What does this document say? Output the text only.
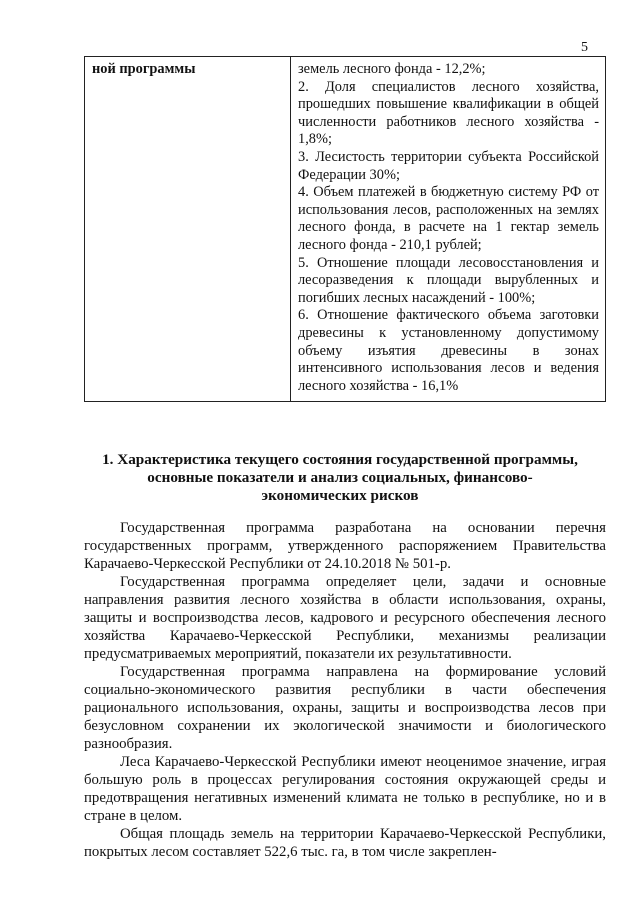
5
ной программы	земель лесного фонда - 12,2%;
2. Доля специалистов лесного хозяйства, прошедших повышение квалификации в общей численности работников лесного хозяйства - 1,8%;
3. Лесистость территории субъекта Российской Федерации 30%;
4. Объем платежей в бюджетную систему РФ от использования лесов, расположенных на землях лесного фонда, в расчете на 1 гектар земель лесного фонда - 210,1 рублей;
5. Отношение площади лесовосстановления и лесоразведения к площади вырубленных и погибших лесных насаждений - 100%;
6. Отношение фактического объема заготовки древесины к установленному допустимому объему изъятия древесины в зонах интенсивного использования лесов и ведения лесного хозяйства - 16,1%
1. Характеристика текущего состояния государственной программы, основные показатели и анализ социальных, финансово-экономических рисков

Государственная программа разработана на основании перечня государственных программ, утвержденного распоряжением Правительства Карачаево-Черкесской Республики от 24.10.2018 № 501-р.

Государственная программа определяет цели, задачи и основные направления развития лесного хозяйства в области использования, охраны, защиты и воспроизводства лесов, кадрового и ресурсного обеспечения лесного хозяйства Карачаево-Черкесской Республики, механизмы реализации предусматриваемых мероприятий, показатели их результативности.

Государственная программа направлена на формирование условий социально-экономического развития республики в части обеспечения рационального использования, охраны, защиты и воспроизводства лесов при безусловном сохранении их экологической значимости и биологического разнообразия.

Леса Карачаево-Черкесской Республики имеют неоценимое значение, играя большую роль в процессах регулирования состояния окружающей среды и предотвращения негативных изменений климата не только в республике, но и в стране в целом.

Общая площадь земель на территории Карачаево-Черкесской Республики, покрытых лесом составляет 522,6 тыс. га, в том числе закреплен-
